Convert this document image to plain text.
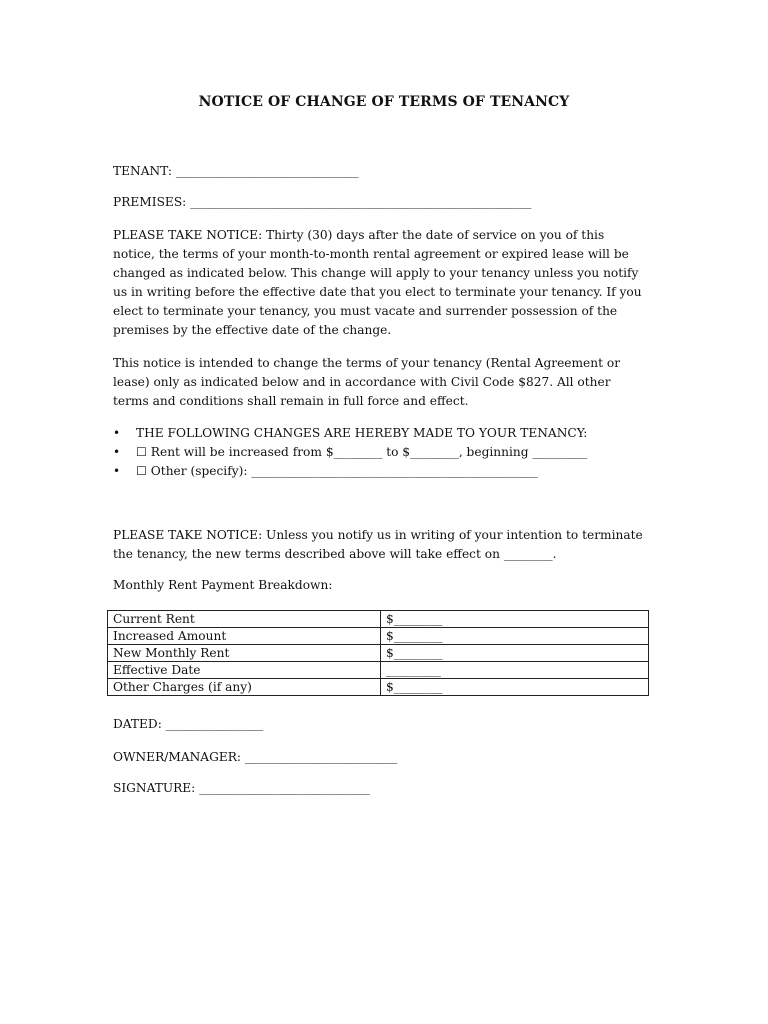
NOTICE OF CHANGE OF TERMS OF TENANCY
TENANT: ______________________________
PREMISES: ________________________________________________________
PLEASE TAKE NOTICE: Thirty (30) days after the date of service on you of this notice, the terms of your month-to-month rental agreement or expired lease will be changed as indicated below. This change will apply to your tenancy unless you notify us in writing before the effective date that you elect to terminate your tenancy. If you elect to terminate your tenancy, you must vacate and surrender possession of the premises by the effective date of the change.
This notice is intended to change the terms of your tenancy (Rental Agreement or lease) only as indicated below and in accordance with Civil Code $827. All other terms and conditions shall remain in full force and effect.
• THE FOLLOWING CHANGES ARE HEREBY MADE TO YOUR TENANCY:
• ☐ Rent will be increased from $________ to $________, beginning _________
• ☐ Other (specify): _______________________________________________
PLEASE TAKE NOTICE: Unless you notify us in writing of your intention to terminate the tenancy, the new terms described above will take effect on ________.
Monthly Rent Payment Breakdown:
Current Rent	$________
Increased Amount	$________
New Monthly Rent	$________
Effective Date	_________
Other Charges (if any)	$________
DATED: ________________
OWNER/MANAGER: _________________________
SIGNATURE: ____________________________
